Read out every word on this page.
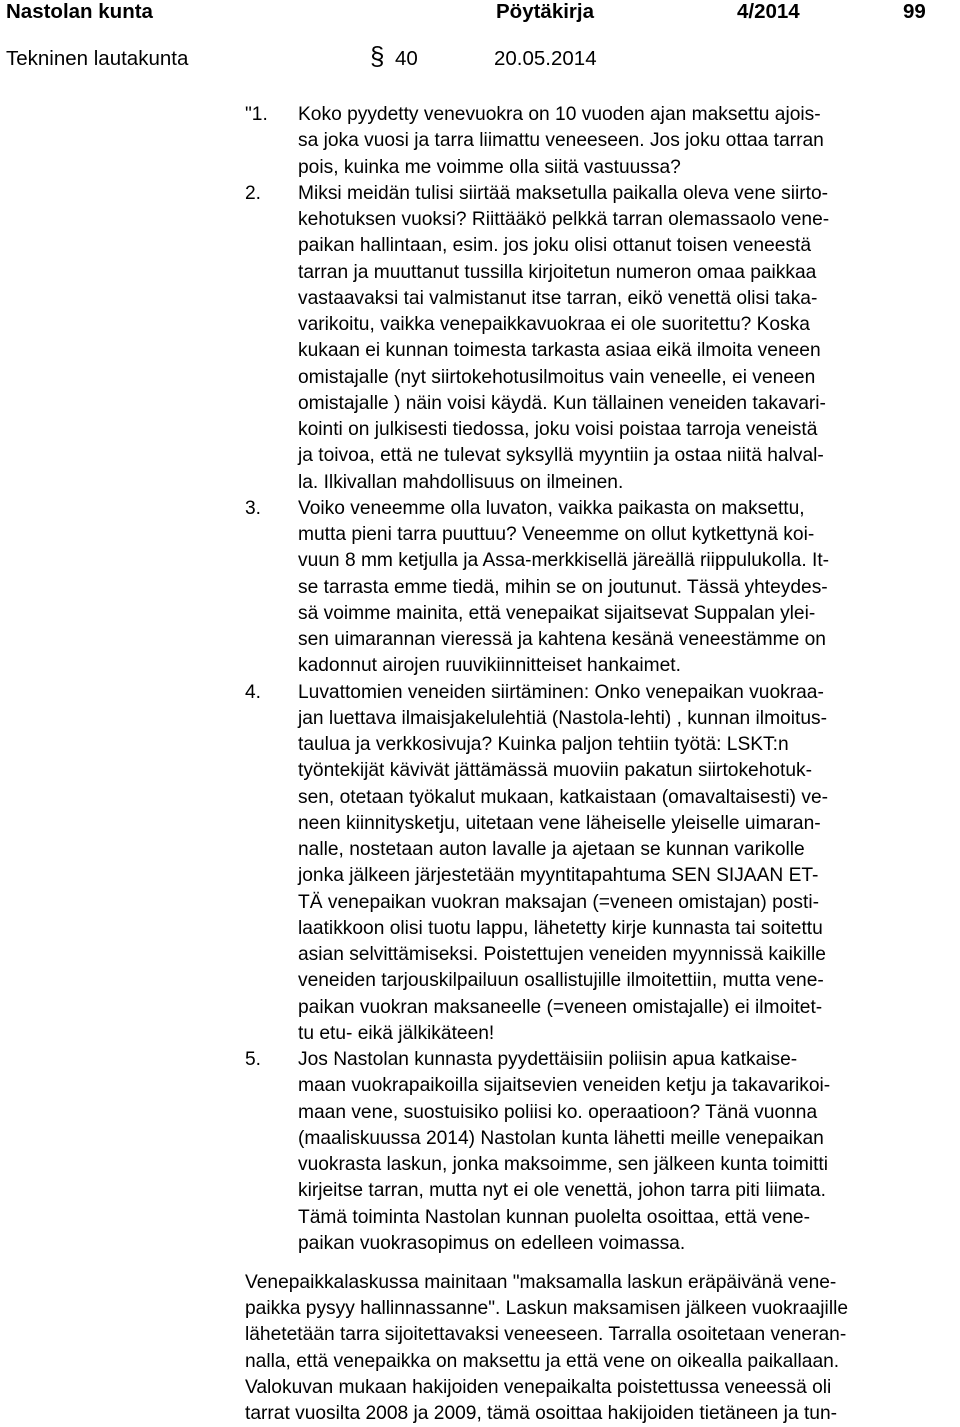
Nastolan kunta	Pöytäkirja	4/2014	99
Tekninen lautakunta	§ 40	20.05.2014
"1.	Koko pyydetty venevuokra on 10 vuoden ajan maksettu ajois-
sa joka vuosi ja tarra liimattu veneeseen. Jos joku ottaa tarran
pois, kuinka me voimme olla siitä vastuussa?
2.	Miksi meidän tulisi siirtää maksetulla paikalla oleva vene siirto-
kehotuksen vuoksi? Riittääkö pelkkä tarran olemassaolo vene-
paikan hallintaan, esim. jos joku olisi ottanut toisen veneestä
tarran ja muuttanut tussilla kirjoitetun numeron omaa paikkaa
vastaavaksi tai valmistanut itse tarran, eikö venettä olisi taka-
varikoitu, vaikka venepaikkavuokraa ei ole suoritettu? Koska
kukaan ei kunnan toimesta tarkasta asiaa eikä ilmoita veneen
omistajalle (nyt siirtokehotusilmoitus vain veneelle, ei veneen
omistajalle ) näin voisi käydä. Kun tällainen veneiden takavari-
kointi on julkisesti tiedossa, joku voisi poistaa tarroja veneistä
ja toivoa, että ne tulevat syksyllä myyntiin ja ostaa niitä halval-
la. Ilkivallan mahdollisuus on ilmeinen.
3.	Voiko veneemme olla luvaton, vaikka paikasta on maksettu,
mutta pieni tarra puuttuu? Veneemme on ollut kytkettynä koi-
vuun 8 mm ketjulla ja Assa-merkkisellä järeällä riippulukolla. It-
se tarrasta emme tiedä, mihin se on joutunut. Tässä yhteydes-
sä voimme mainita, että venepaikat sijaitsevat Suppalan ylei-
sen uimarannan vieressä ja kahtena kesänä veneestämme on
kadonnut airojen ruuvikiinnitteiset hankaimet.
4.	Luvattomien veneiden siirtäminen: Onko venepaikan vuokraa-
jan luettava ilmaisjakelulehtiä (Nastola-lehti) , kunnan ilmoitus-
taulua ja verkkosivuja? Kuinka paljon tehtiin työtä: LSKT:n
työntekijät kävivät jättämässä muoviin pakatun siirtokehotuk-
sen, otetaan työkalut mukaan, katkaistaan (omavaltaisesti) ve-
neen kiinnitysketju, uitetaan vene läheiselle yleiselle uimaran-
nalle, nostetaan auton lavalle ja ajetaan se kunnan varikolle
jonka jälkeen järjestetään myyntitapahtuma SEN SIJAAN ET-
TÄ venepaikan vuokran maksajan (=veneen omistajan) posti-
laatikkoon olisi tuotu lappu, lähetetty kirje kunnasta tai soitettu
asian selvittämiseksi. Poistettujen veneiden myynnissä kaikille
veneiden tarjouskilpailuun osallistujille ilmoitettiin, mutta vene-
paikan vuokran maksaneelle (=veneen omistajalle) ei ilmoitet-
tu etu- eikä jälkikäteen!
5.	Jos Nastolan kunnasta pyydettäisiin poliisin apua katkaise-
maan vuokrapaikoilla sijaitsevien veneiden ketju ja takavarikoi-
maan vene, suostuisiko poliisi ko. operaatioon? Tänä vuonna
(maaliskuussa 2014) Nastolan kunta lähetti meille venepaikan
vuokrasta laskun, jonka maksoimme, sen jälkeen kunta toimitti
kirjeitse tarran, mutta nyt ei ole venettä, johon tarra piti liimata.
Tämä toiminta Nastolan kunnan puolelta osoittaa, että vene-
paikan vuokrasopimus on edelleen voimassa.
Venepaikkalaskussa mainitaan "maksamalla laskun eräpäivänä vene-
paikka pysyy hallinnassanne". Laskun maksamisen jälkeen vuokraajille
lähetetään tarra sijoitettavaksi veneeseen. Tarralla osoitetaan veneran-
nalla, että venepaikka on maksettu ja että vene on oikealla paikallaan.
Valokuvan mukaan hakijoiden venepaikalta poistettussa veneessä oli
tarrat vuosilta 2008 ja 2009, tämä osoittaa hakijoiden tietäneen ja tun-
